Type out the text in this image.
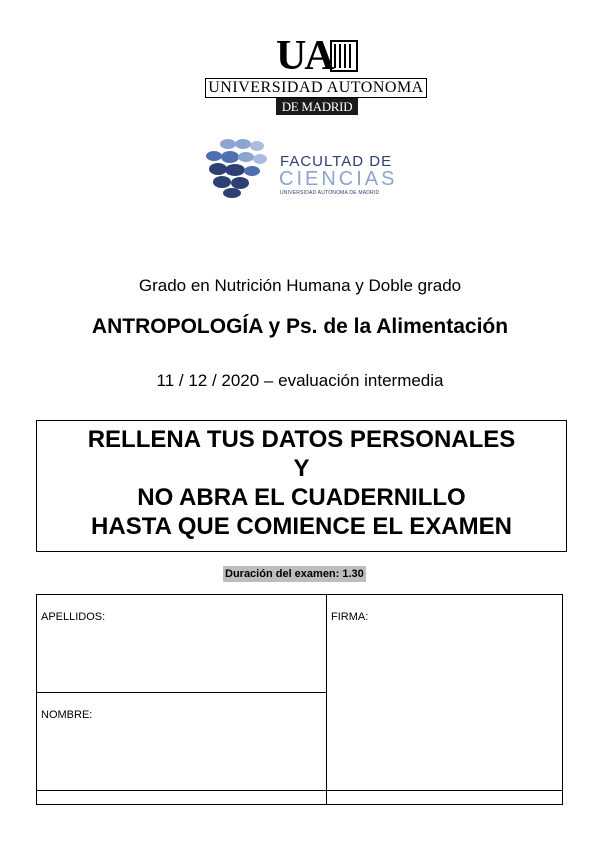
UA
UNIVERSIDAD AUTONOMA
DE MADRID
FACULTAD DE
CIENCIAS
UNIVERSIDAD AUTONOMA DE MADRID
Grado en Nutrición Humana y Doble grado
ANTROPOLOGÍA y Ps. de la Alimentación
11 / 12 / 2020 – evaluación intermedia
RELLENA TUS DATOS PERSONALES
Y
NO ABRA EL CUADERNILLO
HASTA QUE COMIENCE EL EXAMEN
Duración del examen: 1.30
APELLIDOS:	FIRMA:
NOMBRE:
